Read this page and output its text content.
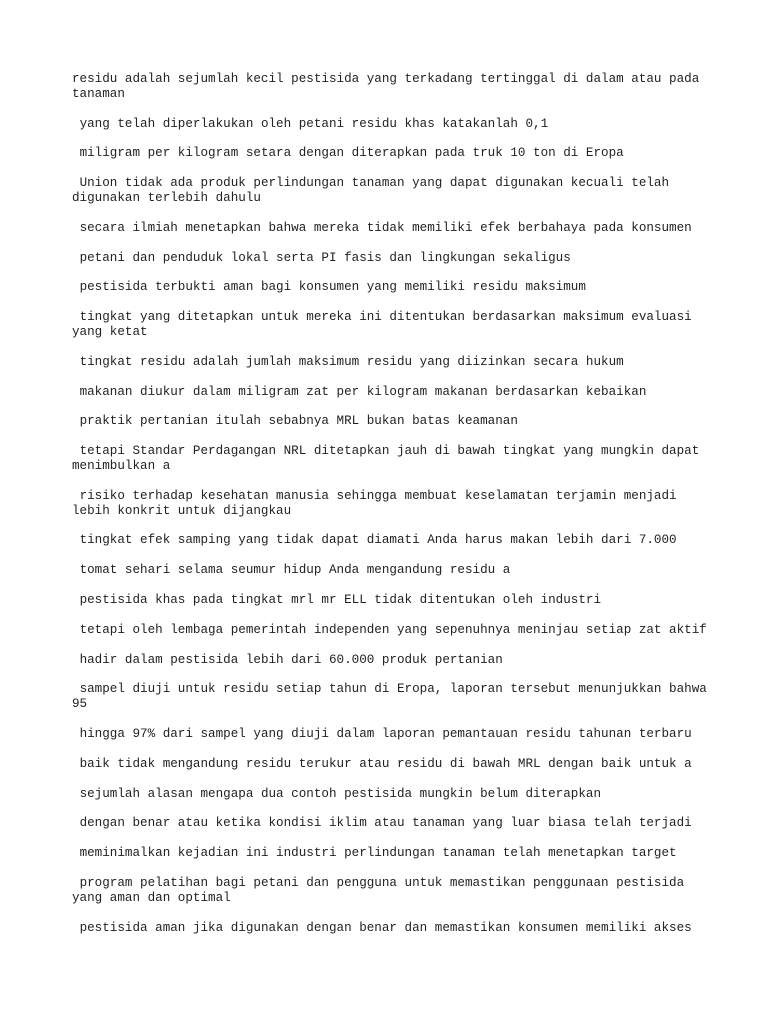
residu adalah sejumlah kecil pestisida yang terkadang tertinggal di dalam atau pada tanaman

yang telah diperlakukan oleh petani residu khas katakanlah 0,1

miligram per kilogram setara dengan diterapkan pada truk 10 ton di Eropa

Union tidak ada produk perlindungan tanaman yang dapat digunakan kecuali telah digunakan terlebih dahulu

secara ilmiah menetapkan bahwa mereka tidak memiliki efek berbahaya pada konsumen

petani dan penduduk lokal serta PI fasis dan lingkungan sekaligus

pestisida terbukti aman bagi konsumen yang memiliki residu maksimum

tingkat yang ditetapkan untuk mereka ini ditentukan berdasarkan maksimum evaluasi yang ketat

tingkat residu adalah jumlah maksimum residu yang diizinkan secara hukum

makanan diukur dalam miligram zat per kilogram makanan berdasarkan kebaikan

praktik pertanian itulah sebabnya MRL bukan batas keamanan

tetapi Standar Perdagangan NRL ditetapkan jauh di bawah tingkat yang mungkin dapat menimbulkan a

risiko terhadap kesehatan manusia sehingga membuat keselamatan terjamin menjadi lebih konkrit untuk dijangkau

tingkat efek samping yang tidak dapat diamati Anda harus makan lebih dari 7.000

tomat sehari selama seumur hidup Anda mengandung residu a

pestisida khas pada tingkat mrl mr ELL tidak ditentukan oleh industri

tetapi oleh lembaga pemerintah independen yang sepenuhnya meninjau setiap zat aktif

hadir dalam pestisida lebih dari 60.000 produk pertanian

sampel diuji untuk residu setiap tahun di Eropa, laporan tersebut menunjukkan bahwa 95

hingga 97% dari sampel yang diuji dalam laporan pemantauan residu tahunan terbaru

baik tidak mengandung residu terukur atau residu di bawah MRL dengan baik untuk a

sejumlah alasan mengapa dua contoh pestisida mungkin belum diterapkan

dengan benar atau ketika kondisi iklim atau tanaman yang luar biasa telah terjadi

meminimalkan kejadian ini industri perlindungan tanaman telah menetapkan target

program pelatihan bagi petani dan pengguna untuk memastikan penggunaan pestisida yang aman dan optimal

pestisida aman jika digunakan dengan benar dan memastikan konsumen memiliki akses
